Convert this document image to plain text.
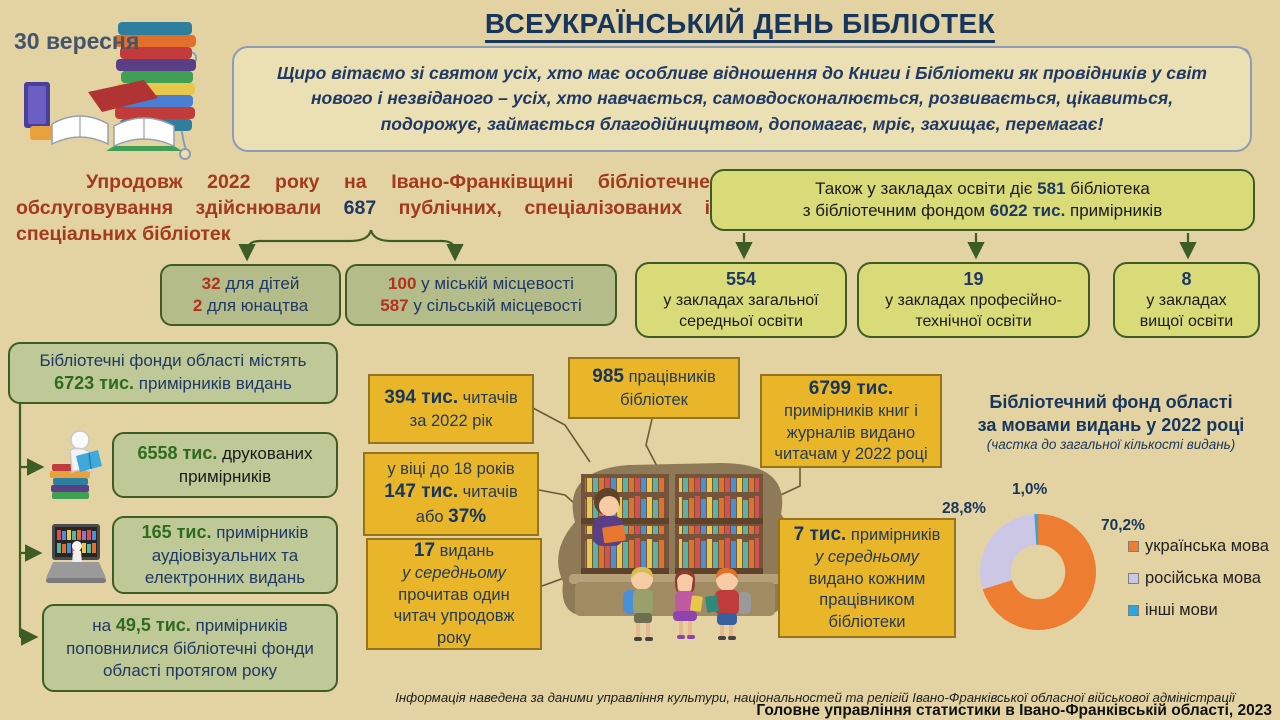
30 вересня
ВСЕУКРАЇНСЬКИЙ ДЕНЬ БІБЛІОТЕК
Щиро вітаємо зі святом усіх, хто має особливе відношення до Книги і Бібліотеки як провідників у світ нового і незвіданого – усіх, хто навчається, самовдосконалюється, розвивається, цікавиться, подорожує, займається благодійництвом, допомагає, мріє, захищає, перемагає!
Упродовж 2022 року на Івано-Франківщині бібліотечне обслуговування здійснювали 687 публічних, спеціалізованих і спеціальних бібліотек
32 для дітей
2 для юнацтва
100 у міській місцевості
587 у сільській місцевості
Також у закладах освіти діє 581 бібліотека
з бібліотечним фондом 6022 тис. примірників
554
у закладах загальної
середньої освіти
19
у закладах професійно-
технічної освіти
8
у закладах
вищої освіти
Бібліотечні фонди області містять
6723 тис. примірників видань
6558 тис. друкованих примірників
165 тис. примірників аудіовізуальних та електронних видань
на 49,5 тис. примірників поповнилися бібліотечні фонди області протягом року
394 тис. читачів
за 2022 рік
985 працівників
бібліотек
у віці до 18 років
147 тис. читачів
або 37%
17 видань
у середньому
прочитав один читач упродовж року
6799 тис.
примірників книг і журналів видано читачам у 2022 році
7 тис. примірників
у середньому
видано кожним працівником бібліотеки
Бібліотечний фонд області
за мовами видань у 2022 році
(частка до загальної кількості видань)
1,0%
28,8%
70,2%
українська мова
російська мова
інші мови
Інформація наведена за даними управління культури, національностей та релігій Івано-Франківської обласної військової адміністрації
Головне управління статистики в Івано-Франківській області, 2023
